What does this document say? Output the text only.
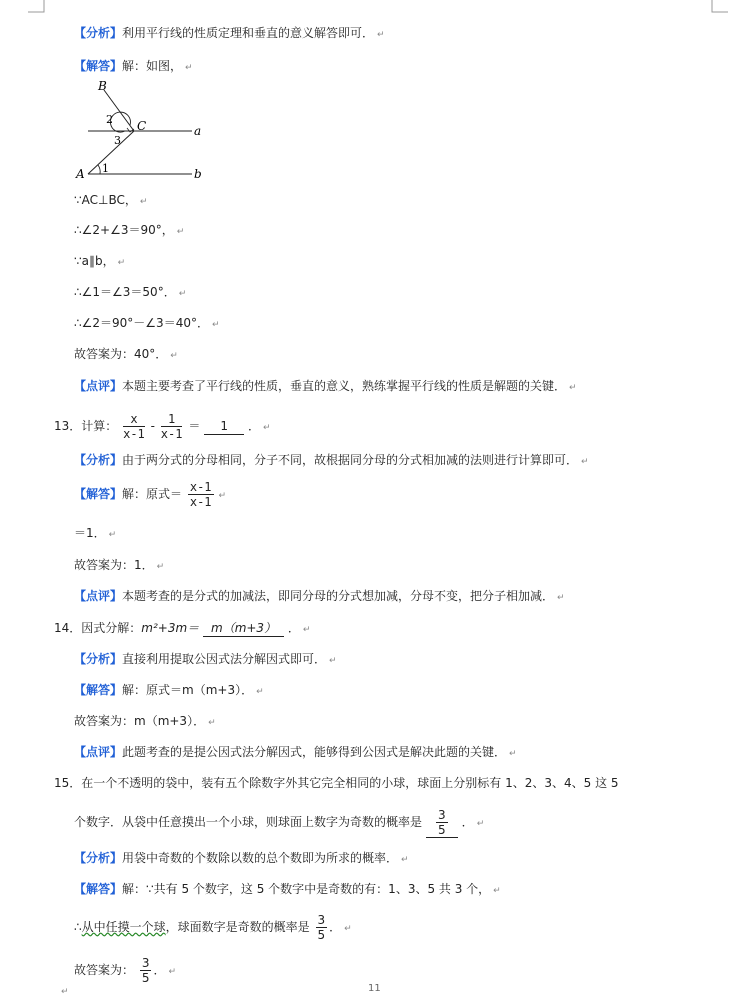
【分析】利用平行线的性质定理和垂直的意义解答即可． ↵
【解答】解：如图， ↵
B
C
A
a
b
2
3
1
∵AC⊥BC， ↵
∴∠2+∠3＝90°， ↵
∵a∥b， ↵
∴∠1＝∠3＝50°． ↵
∴∠2＝90°－∠3＝40°． ↵
故答案为：40°． ↵
【点评】本题主要考查了平行线的性质，垂直的意义，熟练掌握平行线的性质是解题的关键． ↵
13．计算： $\frac{x}{x-1} - \frac{1}{x-1} = 1$ ． ↵
【分析】由于两分式的分母相同，分子不同，故根据同分母的分式相加减的法则进行计算即可． ↵
【解答】解：原式＝ $\frac{x-1}{x-1}$ ↵
＝1． ↵
故答案为：1． ↵
【点评】本题考查的是分式的加减法，即同分母的分式想加减，分母不变，把分子相加减． ↵
14．因式分解：m²+3m＝ m（m+3） ． ↵
【分析】直接利用提取公因式法分解因式即可． ↵
【解答】解：原式＝m（m+3）． ↵
故答案为：m（m+3）． ↵
【点评】此题考查的是提公因式法分解因式，能够得到公因式是解决此题的关键． ↵
15．在一个不透明的袋中，装有五个除数字外其它完全相同的小球，球面上分别标有 1、2、3、4、5 这 5
个数字．从袋中任意摸出一个小球，则球面上数字为奇数的概率是 $\frac{3}{5}$ ． ↵
【分析】用袋中奇数的个数除以数的总个数即为所求的概率． ↵
【解答】解：∵共有 5 个数字，这 5 个数字中是奇数的有：1、3、5 共 3 个， ↵
∴从中任摸一个球，球面数字是奇数的概率是 $\frac{3}{5}$ ． ↵
故答案为： $\frac{3}{5}$ ． ↵
↵	11
